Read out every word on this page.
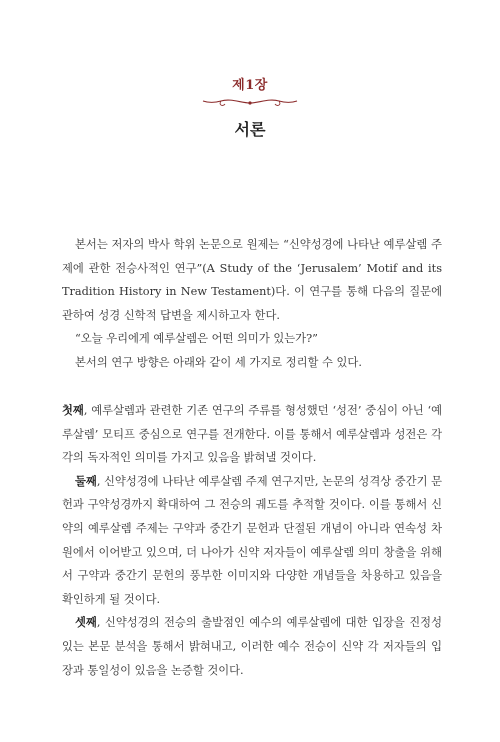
제1장
서론

본서는 저자의 박사 학위 논문으로 원제는 “신약성경에 나타난 예루살렘 주제에 관한 전승사적인 연구”(A Study of the ‘Jerusalem’ Motif and its Tradition History in New Testament)다. 이 연구를 통해 다음의 질문에 관하여 성경 신학적 답변을 제시하고자 한다.

“오늘 우리에게 예루살렘은 어떤 의미가 있는가?”

본서의 연구 방향은 아래와 같이 세 가지로 정리할 수 있다.

첫째, 예루살렘과 관련한 기존 연구의 주류를 형성했던 ‘성전’ 중심이 아닌 ‘예루살렘’ 모티프 중심으로 연구를 전개한다. 이를 통해서 예루살렘과 성전은 각각의 독자적인 의미를 가지고 있음을 밝혀낼 것이다.

둘째, 신약성경에 나타난 예루살렘 주제 연구지만, 논문의 성격상 중간기 문헌과 구약성경까지 확대하여 그 전승의 궤도를 추적할 것이다. 이를 통해서 신약의 예루살렘 주제는 구약과 중간기 문헌과 단절된 개념이 아니라 연속성 차원에서 이어받고 있으며, 더 나아가 신약 저자들이 예루살렘 의미 창출을 위해서 구약과 중간기 문헌의 풍부한 이미지와 다양한 개념들을 차용하고 있음을 확인하게 될 것이다.

셋째, 신약성경의 전승의 출발점인 예수의 예루살렘에 대한 입장을 진정성 있는 본문 분석을 통해서 밝혀내고, 이러한 예수 전승이 신약 각 저자들의 입장과 통일성이 있음을 논증할 것이다.
